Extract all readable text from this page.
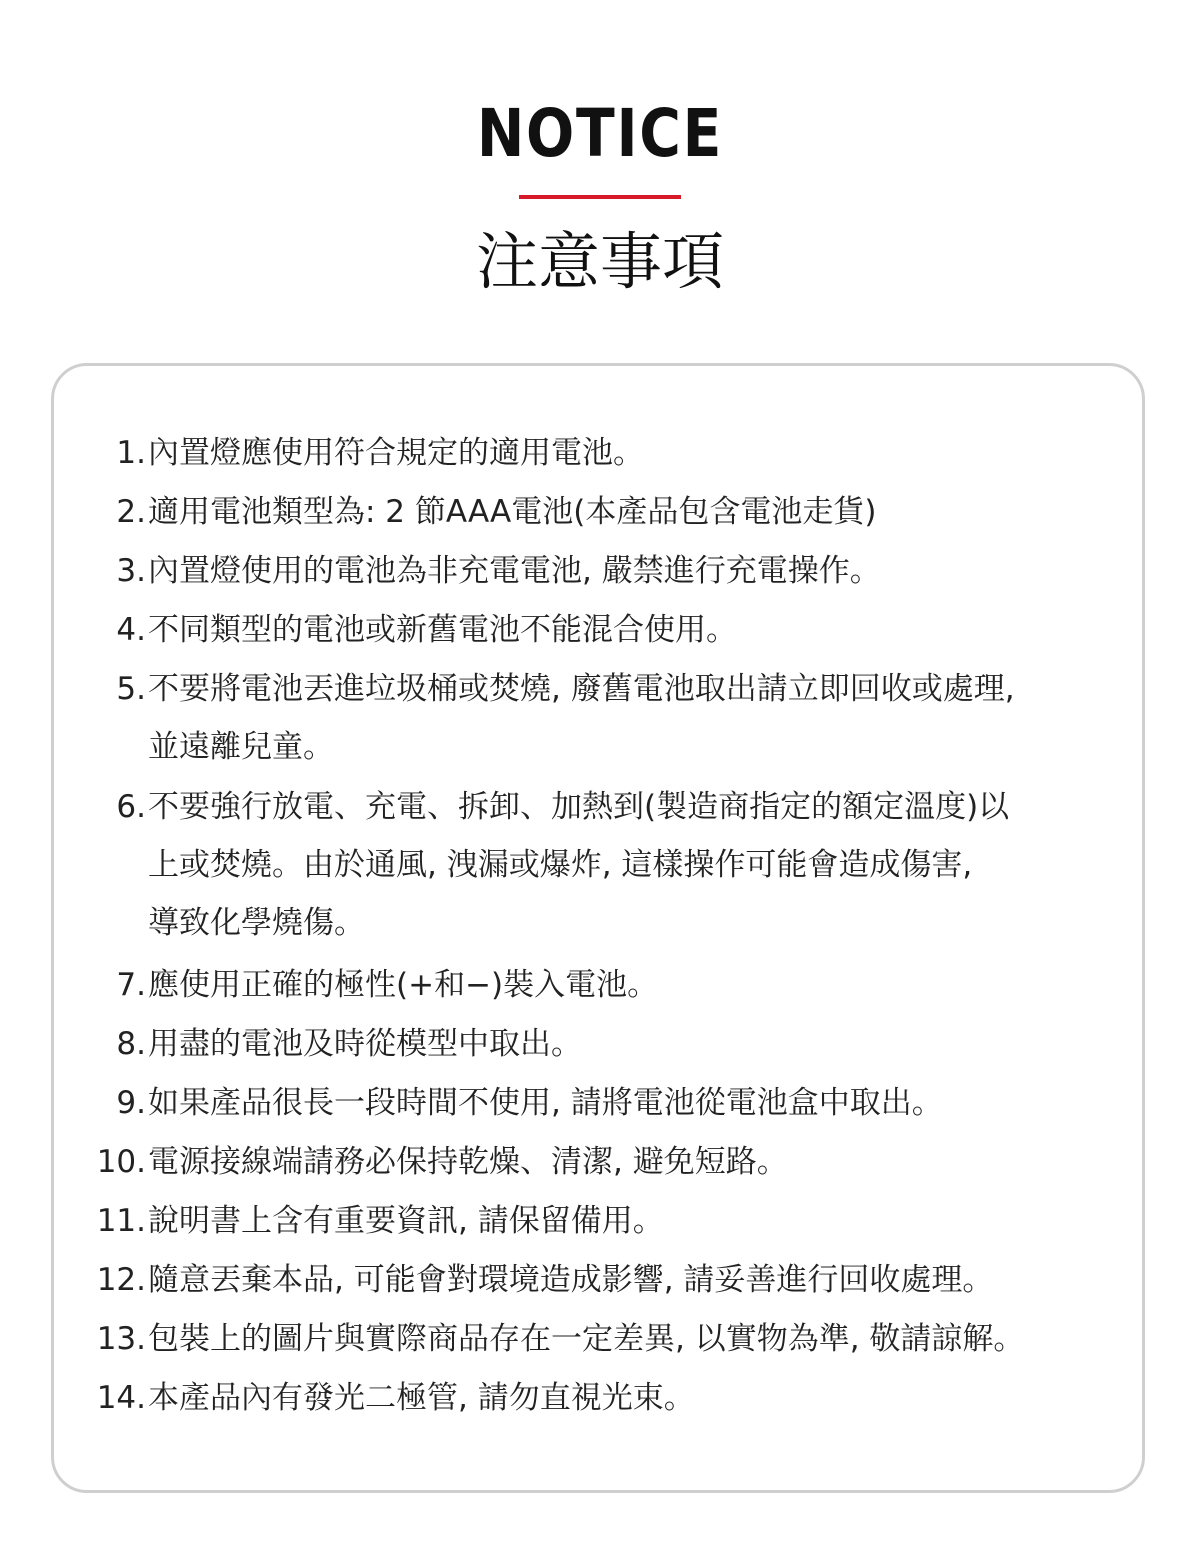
NOTICE
注意事項
1. 內置燈應使用符合規定的適用電池。
2. 適用電池類型為: 2 節AAA電池(本產品包含電池走貨)
3. 內置燈使用的電池為非充電電池, 嚴禁進行充電操作。
4. 不同類型的電池或新舊電池不能混合使用。
5. 不要將電池丟進垃圾桶或焚燒, 廢舊電池取出請立即回收或處理,
並遠離兒童。
6. 不要強行放電、充電、拆卸、加熱到(製造商指定的額定溫度)以
上或焚燒。由於通風, 洩漏或爆炸, 這樣操作可能會造成傷害,
導致化學燒傷。
7. 應使用正確的極性(+和−)裝入電池。
8. 用盡的電池及時從模型中取出。
9. 如果產品很長一段時間不使用, 請將電池從電池盒中取出。
10. 電源接線端請務必保持乾燥、清潔, 避免短路。
11. 說明書上含有重要資訊, 請保留備用。
12. 隨意丟棄本品, 可能會對環境造成影響, 請妥善進行回收處理。
13. 包裝上的圖片與實際商品存在一定差異, 以實物為準, 敬請諒解。
14. 本產品內有發光二極管, 請勿直視光束。
